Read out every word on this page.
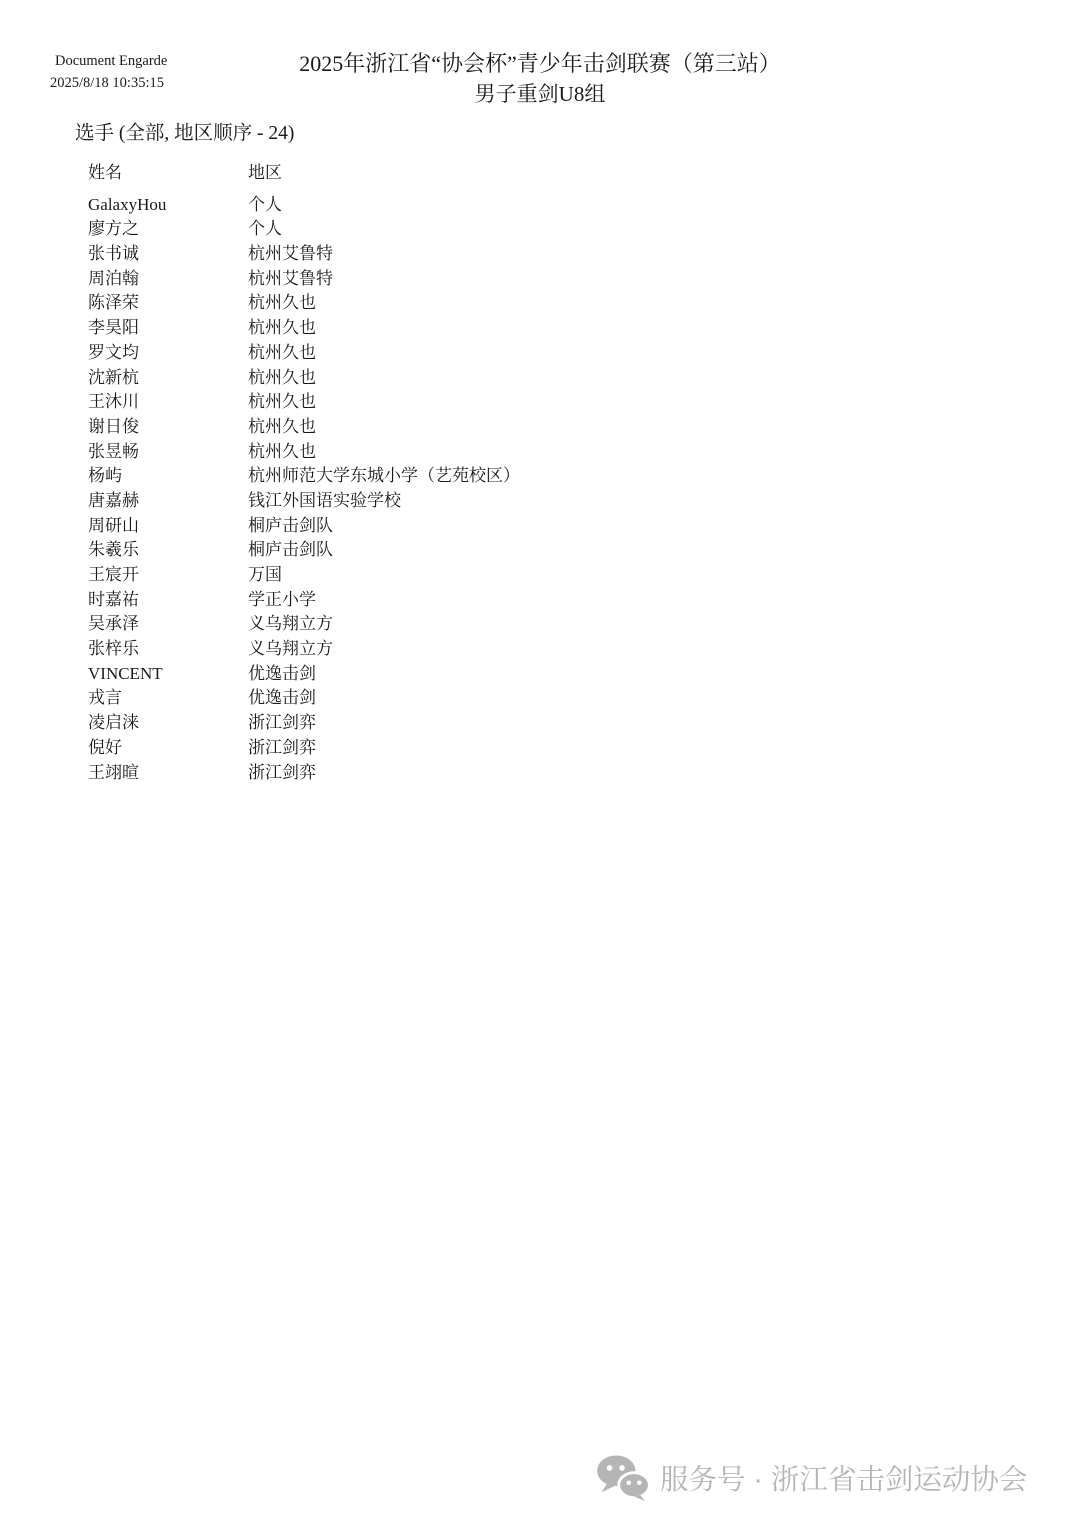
Document Engarde
2025/8/18 10:35:15
2025年浙江省“协会杯”青少年击剑联赛（第三站）
男子重剑U8组
选手 (全部, 地区顺序 - 24)
姓名	地区
GalaxyHou	个人
廖方之	个人
张书诚	杭州艾鲁特
周泊翰	杭州艾鲁特
陈泽荣	杭州久也
李昊阳	杭州久也
罗文均	杭州久也
沈新杭	杭州久也
王沐川	杭州久也
谢日俊	杭州久也
张昱畅	杭州久也
杨屿	杭州师范大学东城小学（艺苑校区）
唐嘉赫	钱江外国语实验学校
周研山	桐庐击剑队
朱羲乐	桐庐击剑队
王宸开	万国
时嘉祐	学正小学
吴承泽	义乌翔立方
张梓乐	义乌翔立方
VINCENT	优逸击剑
戎言	优逸击剑
凌启涞	浙江剑弈
倪好	浙江剑弈
王翊暄	浙江剑弈
服务号 · 浙江省击剑运动协会
